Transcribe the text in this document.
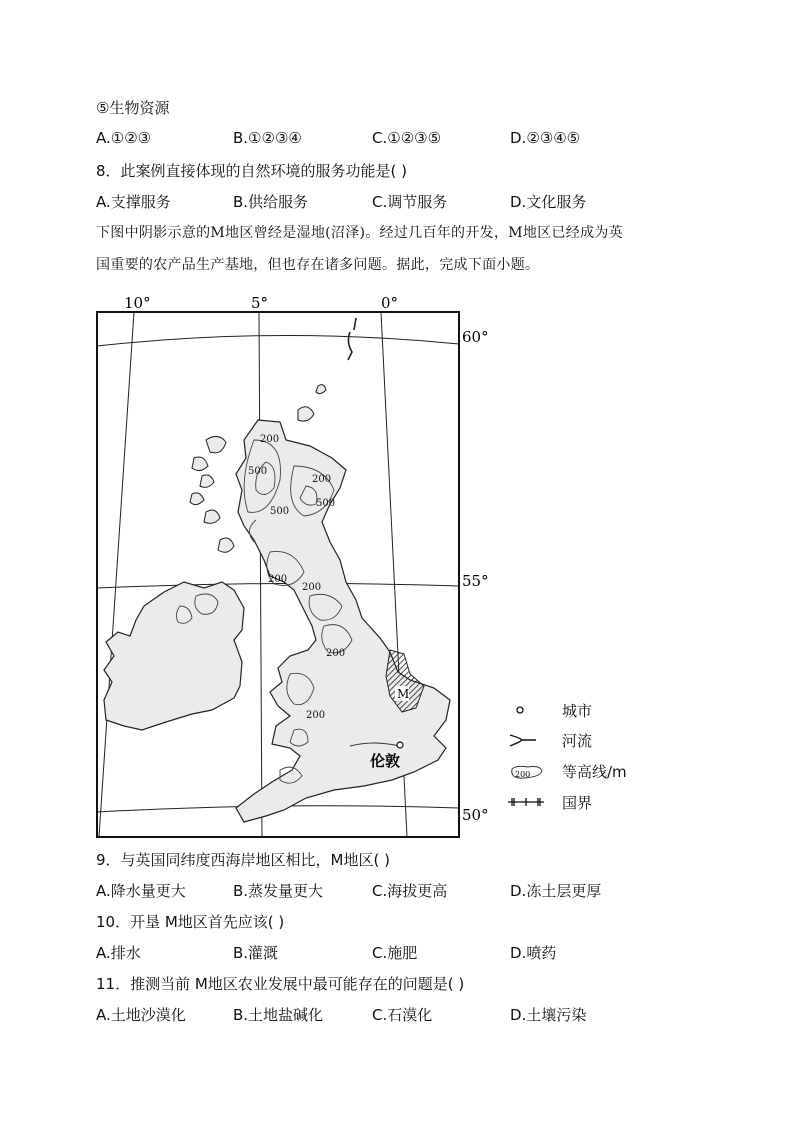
⑤生物资源
A.①②③	B.①②③④	C.①②③⑤	D.②③④⑤
8．此案例直接体现的自然环境的服务功能是( )
A.支撑服务	B.供给服务	C.调节服务	D.文化服务
下图中阴影示意的M地区曾经是湿地(沼泽)。经过几百年的开发，M地区已经成为英
国重要的农产品生产基地，但也存在诸多问题。据此，完成下面小题。
M
伦敦
200
500
200
500
500
200
200
200
200
10°	5°	0°
60°
55°
50°
城市
河流
200 等高线/m
国界
9．与英国同纬度西海岸地区相比，M地区( )
A.降水量更大	B.蒸发量更大	C.海拔更高	D.冻土层更厚
10．开垦 M地区首先应该( )
A.排水	B.灌溉	C.施肥	D.喷药
11．推测当前 M地区农业发展中最可能存在的问题是( )
A.土地沙漠化	B.土地盐碱化	C.石漠化	D.土壤污染
